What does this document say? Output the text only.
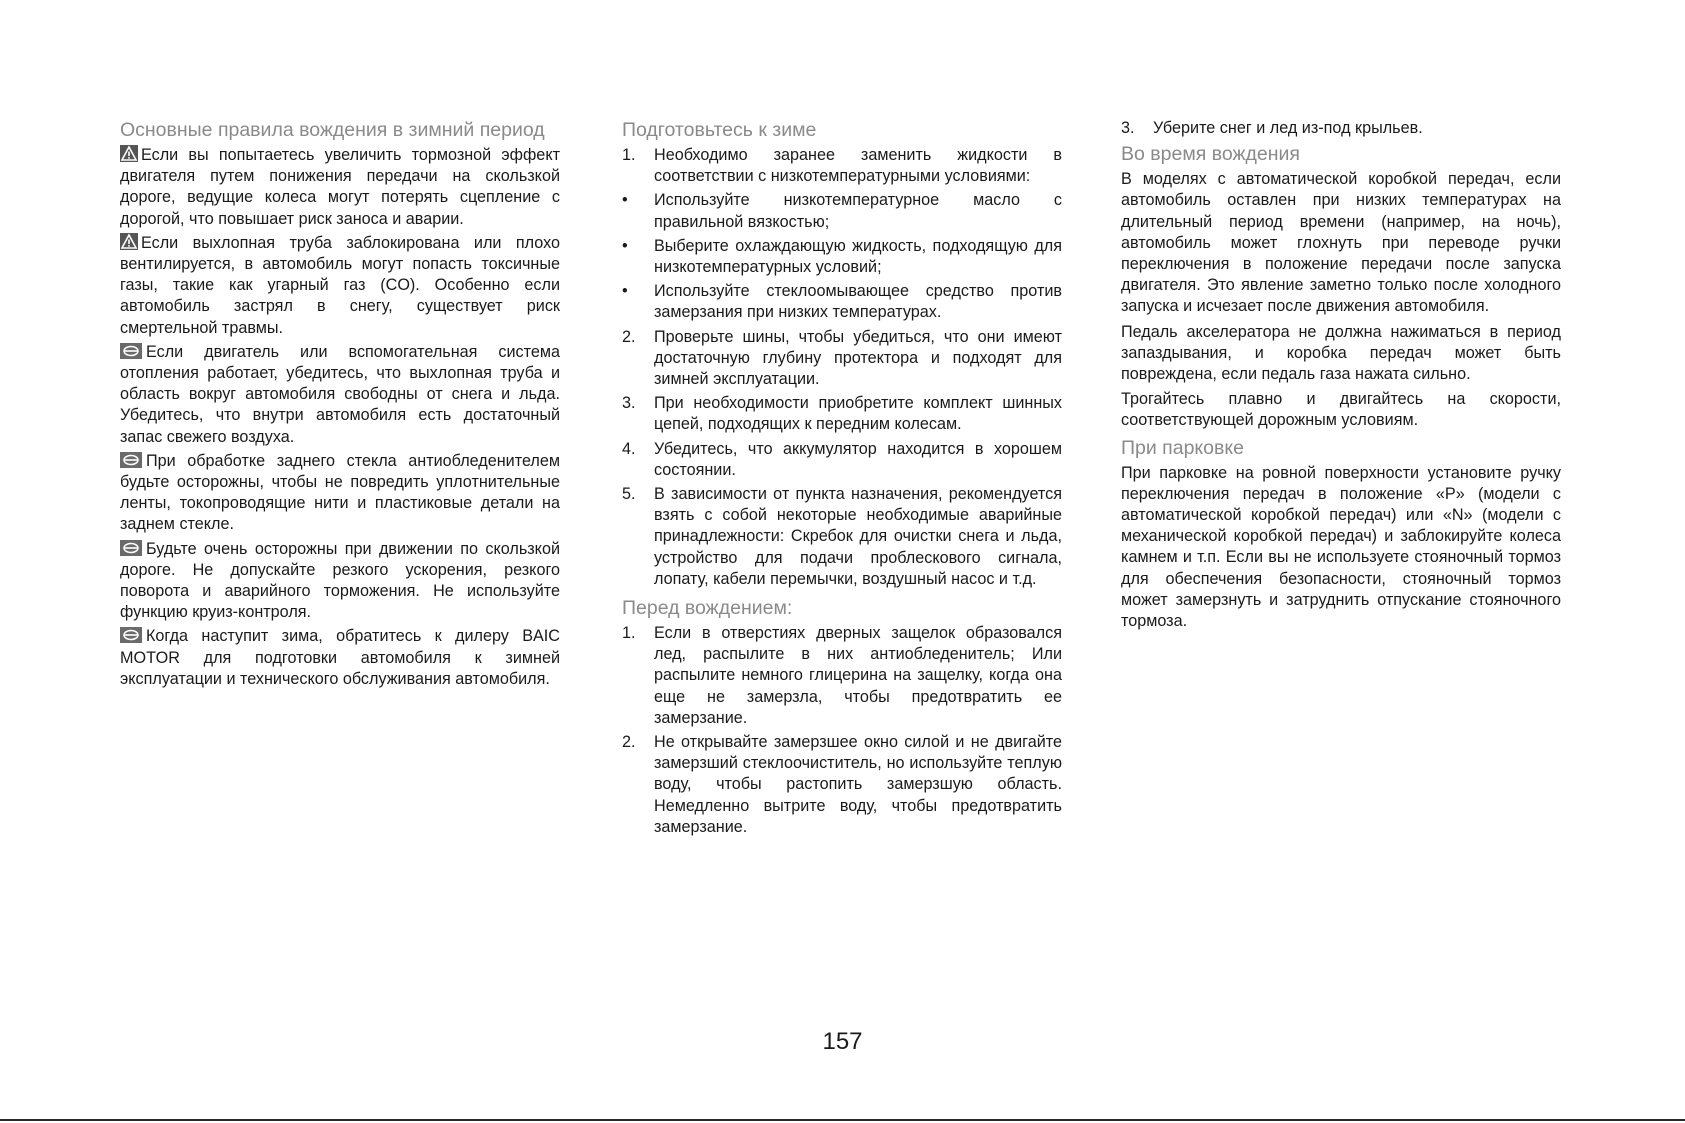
Основные правила вождения в зимний период

Если вы попытаетесь увеличить тормозной эффект двигателя путем понижения передачи на скользкой дороге, ведущие колеса могут потерять сцепление с дорогой, что повышает риск заноса и аварии.

Если выхлопная труба заблокирована или плохо вентилируется, в автомобиль могут попасть токсичные газы, такие как угарный газ (CO). Особенно если автомобиль застрял в снегу, существует риск смертельной травмы.

Если двигатель или вспомогательная система отопления работает, убедитесь, что выхлопная труба и область вокруг автомобиля свободны от снега и льда. Убедитесь, что внутри автомобиля есть достаточный запас свежего воздуха.

При обработке заднего стекла антиобледенителем будьте осторожны, чтобы не повредить уплотнительные ленты, токопроводящие нити и пластиковые детали на заднем стекле.

Будьте очень осторожны при движении по скользкой дороге. Не допускайте резкого ускорения, резкого поворота и аварийного торможения. Не используйте функцию круиз-контроля.

Когда наступит зима, обратитесь к дилеру BAIC MOTOR для подготовки автомобиля к зимней эксплуатации и технического обслуживания автомобиля.

Подготовьтесь к зиме
1.	Необходимо заранее заменить жидкости в соответствии с низкотемпературными условиями:
•	Используйте низкотемпературное масло с правильной вязкостью;
•	Выберите охлаждающую жидкость, подходящую для низкотемпературных условий;
•	Используйте стеклоомывающее средство против замерзания при низких температурах.
2.	Проверьте шины, чтобы убедиться, что они имеют достаточную глубину протектора и подходят для зимней эксплуатации.
3.	При необходимости приобретите комплект шинных цепей, подходящих к передним колесам.
4.	Убедитесь, что аккумулятор находится в хорошем состоянии.
5.	В зависимости от пункта назначения, рекомендуется взять с собой некоторые необходимые аварийные принадлежности: Скребок для очистки снега и льда, устройство для подачи проблескового сигнала, лопату, кабели перемычки, воздушный насос и т.д.
Перед вождением:
1.	Если в отверстиях дверных защелок образовался лед, распылите в них антиобледенитель; Или распылите немного глицерина на защелку, когда она еще не замерзла, чтобы предотвратить ее замерзание.
2.	Не открывайте замерзшее окно силой и не двигайте замерзший стеклоочиститель, но используйте теплую воду, чтобы растопить замерзшую область. Немедленно вытрите воду, чтобы предотвратить замерзание.
3.	Уберите снег и лед из-под крыльев.
Во время вождения

В моделях с автоматической коробкой передач, если автомобиль оставлен при низких температурах на длительный период времени (например, на ночь), автомобиль может глохнуть при переводе ручки переключения в положение передачи после запуска двигателя. Это явление заметно только после холодного запуска и исчезает после движения автомобиля.

Педаль акселератора не должна нажиматься в период запаздывания, и коробка передач может быть повреждена, если педаль газа нажата сильно.

Трогайтесь плавно и двигайтесь на скорости, соответствующей дорожным условиям.

При парковке

При парковке на ровной поверхности установите ручку переключения передач в положение «P» (модели с автоматической коробкой передач) или «N» (модели с механической коробкой передач) и заблокируйте колеса камнем и т.п. Если вы не используете стояночный тормоз для обеспечения безопасности, стояночный тормоз может замерзнуть и затруднить отпускание стояночного тормоза.

157
